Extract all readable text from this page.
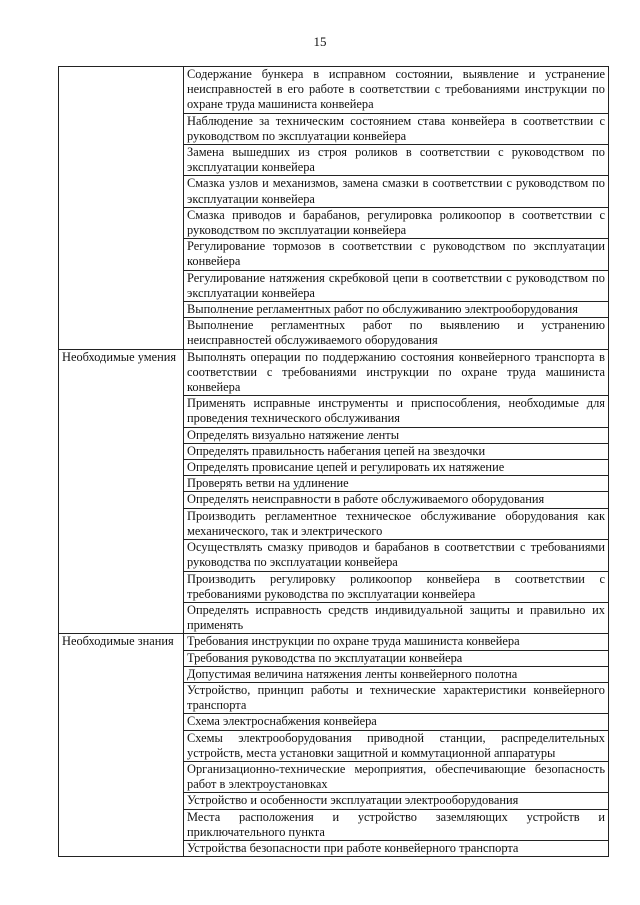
15
	Содержание бункера в исправном состоянии, выявление и устранение неисправностей в его работе в соответствии с требованиями инструкции по охране труда машиниста конвейера
	Наблюдение за техническим состоянием става конвейера в соответствии с руководством по эксплуатации конвейера
	Замена вышедших из строя роликов в соответствии с руководством по эксплуатации конвейера
	Смазка узлов и механизмов, замена смазки в соответствии с руководством по эксплуатации конвейера
	Смазка приводов и барабанов, регулировка роликоопор в соответствии с руководством по эксплуатации конвейера
	Регулирование тормозов в соответствии с руководством по эксплуатации конвейера
	Регулирование натяжения скребковой цепи в соответствии с руководством по эксплуатации конвейера
	Выполнение регламентных работ по обслуживанию электрооборудования
	Выполнение регламентных работ по выявлению и устранению неисправностей обслуживаемого оборудования
Необходимые умения	Выполнять операции по поддержанию состояния конвейерного транспорта в соответствии с требованиями инструкции по охране труда машиниста конвейера
	Применять исправные инструменты и приспособления, необходимые для проведения технического обслуживания
	Определять визуально натяжение ленты
	Определять правильность набегания цепей на звездочки
	Определять провисание цепей и регулировать их натяжение
	Проверять ветви на удлинение
	Определять неисправности в работе обслуживаемого оборудования
	Производить регламентное техническое обслуживание оборудования как механического, так и электрического
	Осуществлять смазку приводов и барабанов в соответствии с требованиями руководства по эксплуатации конвейера
	Производить регулировку роликоопор конвейера в соответствии с требованиями руководства по эксплуатации конвейера
	Определять исправность средств индивидуальной защиты и правильно их применять
Необходимые знания	Требования инструкции по охране труда машиниста конвейера
	Требования руководства по эксплуатации конвейера
	Допустимая величина натяжения ленты конвейерного полотна
	Устройство, принцип работы и технические характеристики конвейерного транспорта
	Схема электроснабжения конвейера
	Схемы электрооборудования приводной станции, распределительных устройств, места установки защитной и коммутационной аппаратуры
	Организационно-технические мероприятия, обеспечивающие безопасность работ в электроустановках
	Устройство и особенности эксплуатации электрооборудования
	Места расположения и устройство заземляющих устройств и приключательного пункта
	Устройства безопасности при работе конвейерного транспорта
